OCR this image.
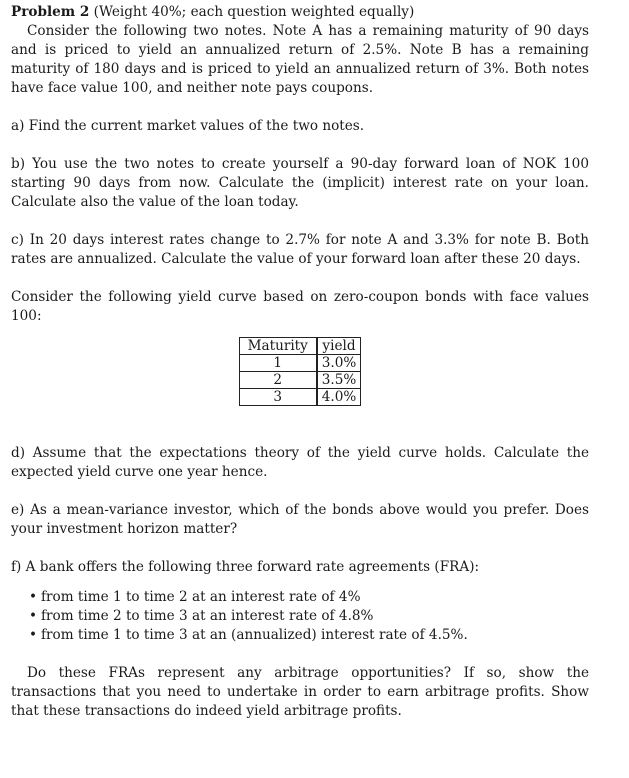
Problem 2 (Weight 40%; each question weighted equally)

Consider the following two notes. Note A has a remaining maturity of 90 days and is priced to yield an annualized return of 2.5%. Note B has a remaining maturity of 180 days and is priced to yield an annualized return of 3%. Both notes have face value 100, and neither note pays coupons.

a) Find the current market values of the two notes.

b) You use the two notes to create yourself a 90-day forward loan of NOK 100 starting 90 days from now. Calculate the (implicit) interest rate on your loan. Calculate also the value of the loan today.

c) In 20 days interest rates change to 2.7% for note A and 3.3% for note B. Both rates are annualized. Calculate the value of your forward loan after these 20 days.

Consider the following yield curve based on zero-coupon bonds with face values 100:

Maturity	yield
1	3.0%
2	3.5%
3	4.0%

d) Assume that the expectations theory of the yield curve holds. Calculate the expected yield curve one year hence.

e) As a mean-variance investor, which of the bonds above would you prefer. Does your investment horizon matter?

f) A bank offers the following three forward rate agreements (FRA):

• from time 1 to time 2 at an interest rate of 4%
• from time 2 to time 3 at an interest rate of 4.8%
• from time 1 to time 3 at an (annualized) interest rate of 4.5%.

Do these FRAs represent any arbitrage opportunities? If so, show the transactions that you need to undertake in order to earn arbitrage profits. Show that these transactions do indeed yield arbitrage profits.
